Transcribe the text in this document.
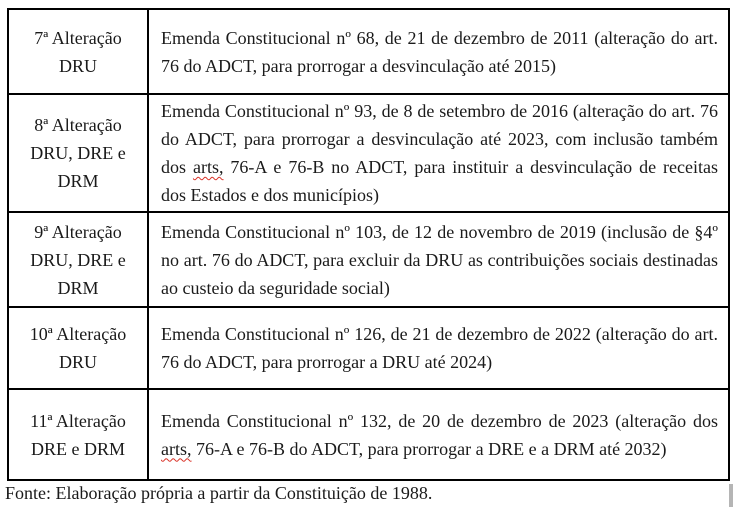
7ª Alteração DRU	Emenda Constitucional nº 68, de 21 de dezembro de 2011 (alteração do art. 76 do ADCT, para prorrogar a desvinculação até 2015)
8ª Alteração DRU, DRE e DRM	Emenda Constitucional nº 93, de 8 de setembro de 2016 (alteração do art. 76 do ADCT, para prorrogar a desvinculação até 2023, com inclusão também dos arts, 76-A e 76-B no ADCT, para instituir a desvinculação de receitas dos Estados e dos municípios)
9ª Alteração DRU, DRE e DRM	Emenda Constitucional nº 103, de 12 de novembro de 2019 (inclusão de §4º no art. 76 do ADCT, para excluir da DRU as contribuições sociais destinadas ao custeio da seguridade social)
10ª Alteração DRU	Emenda Constitucional nº 126, de 21 de dezembro de 2022 (alteração do art. 76 do ADCT, para prorrogar a DRU até 2024)
11ª Alteração DRE e DRM	Emenda Constitucional nº 132, de 20 de dezembro de 2023 (alteração dos arts, 76-A e 76-B do ADCT, para prorrogar a DRE e a DRM até 2032)
Fonte: Elaboração própria a partir da Constituição de 1988.
